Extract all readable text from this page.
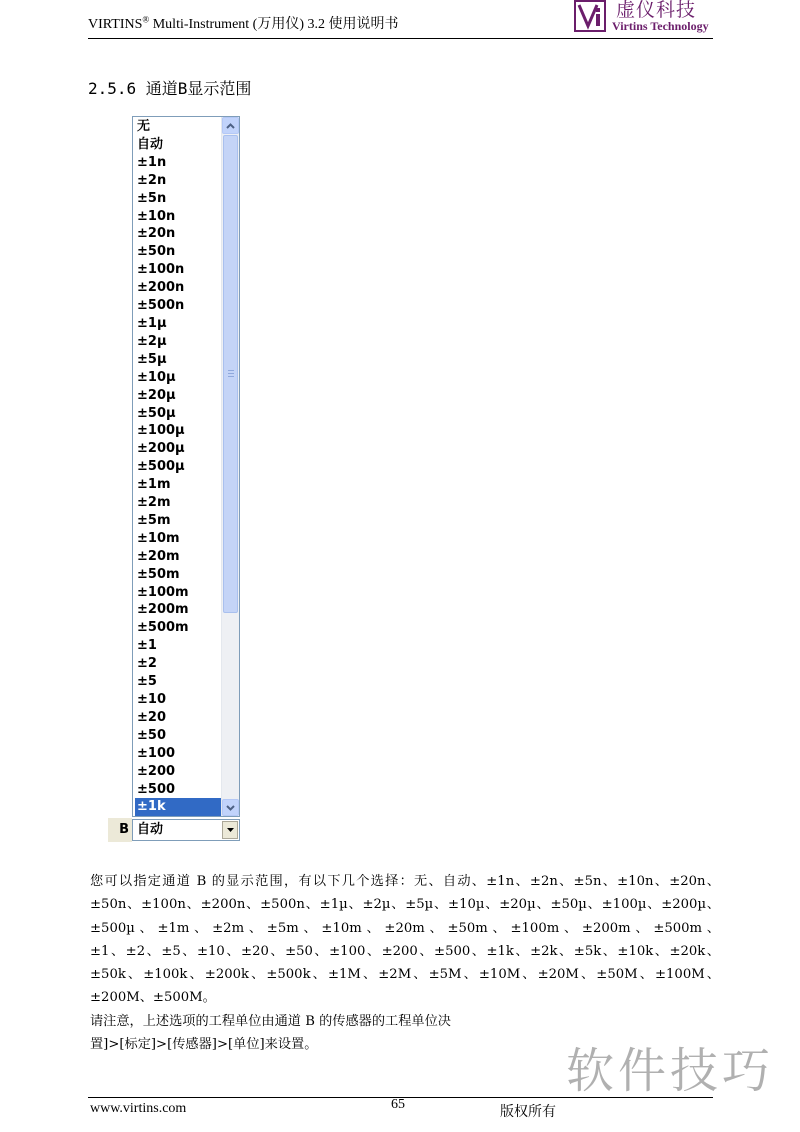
VIRTINS® Multi-Instrument (万用仪) 3.2 使用说明书
虚仪科技
Virtins Technology
2.5.6 通道B显示范围
无
自动
±1n
±2n
±5n
±10n
±20n
±50n
±100n
±200n
±500n
±1µ
±2µ
±5µ
±10µ
±20µ
±50µ
±100µ
±200µ
±500µ
±1m
±2m
±5m
±10m
±20m
±50m
±100m
±200m
±500m
±1
±2
±5
±10
±20
±50
±100
±200
±500
±1k
B 自动

您可以指定通道 B 的显示范围，有以下几个选择：无、自动、±1n、±2n、±5n、±10n、±20n、±50n、±100n、±200n、±500n、±1µ、±2µ、±5µ、±10µ、±20µ、±50µ、±100µ、±200µ、±500µ、±1m、±2m、±5m、±10m、±20m、±50m、±100m、±200m、±500m、±1、±2、±5、±10、±20、±50、±100、±200、±500、±1k、±2k、±5k、±10k、±20k、±50k、±100k、±200k、±500k、±1M、±2M、±5M、±10M、±20M、±50M、±100M、±200M、±500M。

请注意，上述选项的工程单位由通道 B 的传感器的工程单位决

置]>[标定]>[传感器]>[单位]来设置。	软件技巧
www.virtins.com	65	版权所有
